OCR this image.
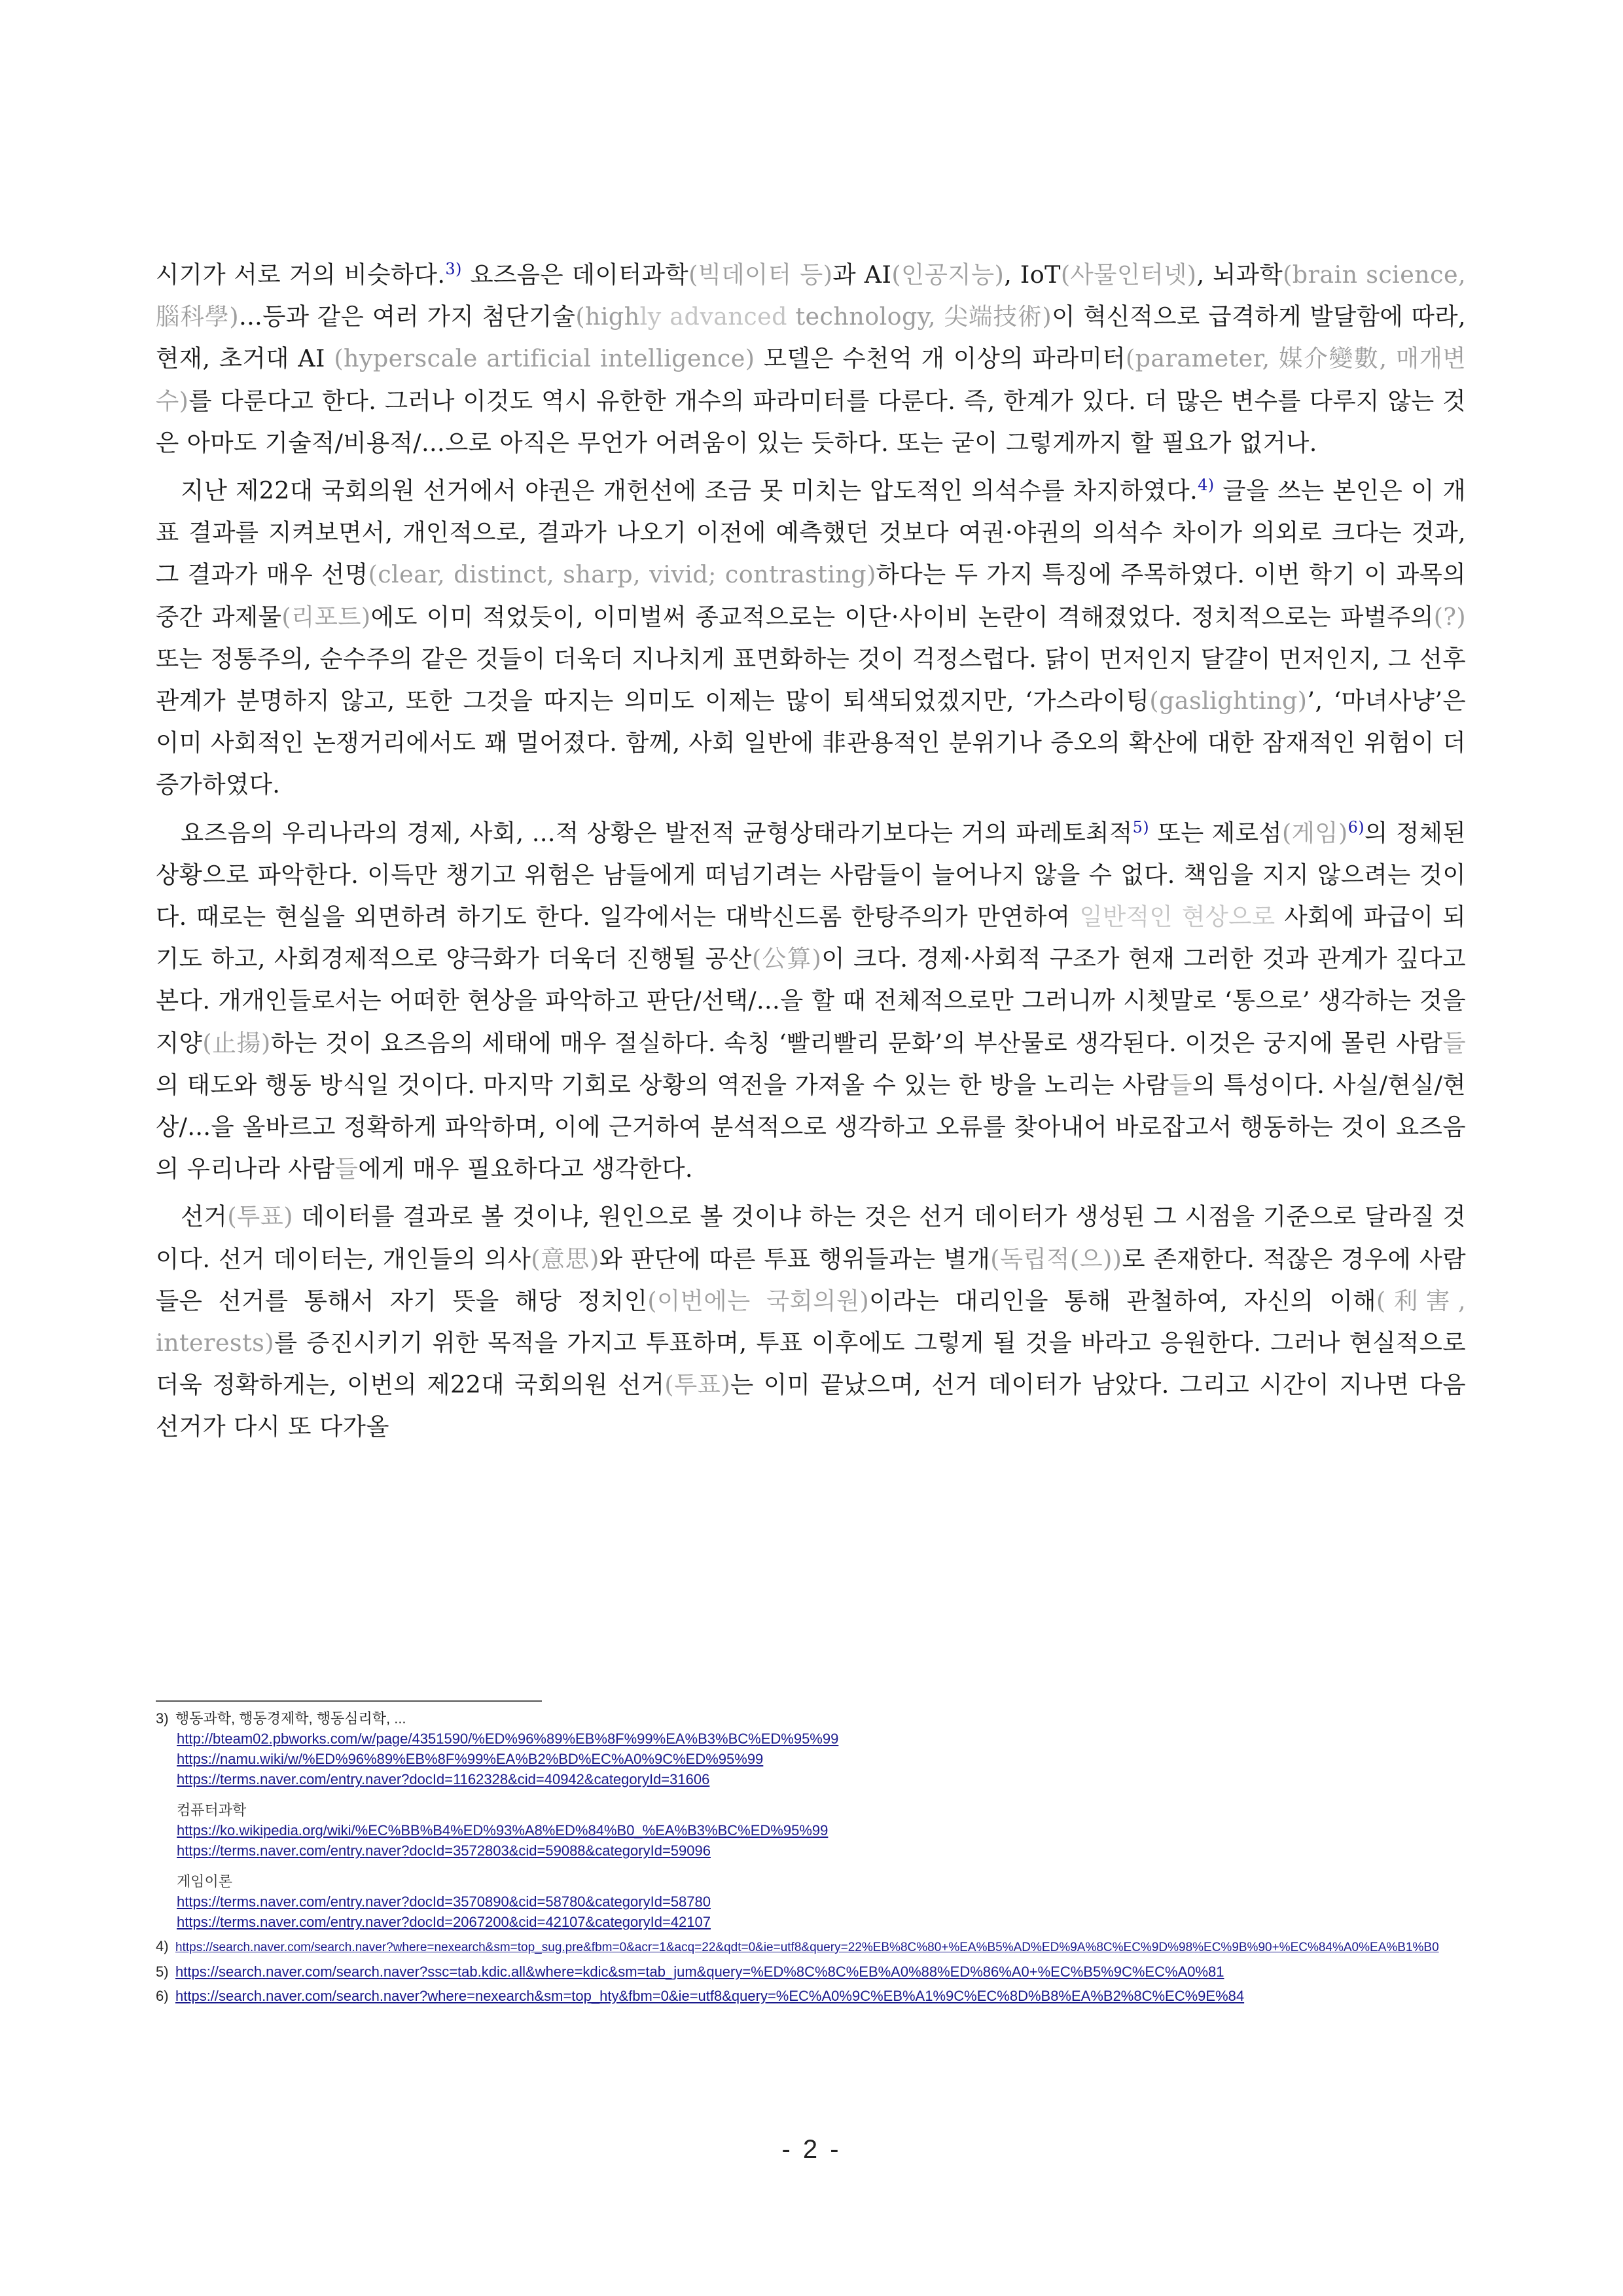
시기가 서로 거의 비슷하다.$^{3)}$ 요즈음은 데이터과학(빅데이터 등)과 AI(인공지능), IoT(사물인터넷), 뇌과학(brain science, 腦科學)...등과 같은 여러 가지 첨단기술(highly advanced technology, 尖端技術)이 혁신적으로 급격하게 발달함에 따라, 현재, 초거대 AI (hyperscale artificial intelligence) 모델은 수천억 개 이상의 파라미터(parameter, 媒介變數, 매개변수)를 다룬다고 한다. 그러나 이것도 역시 유한한 개수의 파라미터를 다룬다. 즉, 한계가 있다. 더 많은 변수를 다루지 않는 것은 아마도 기술적/비용적/...으로 아직은 무언가 어려움이 있는 듯하다. 또는 굳이 그렇게까지 할 필요가 없거나.

지난 제22대 국회의원 선거에서 야권은 개헌선에 조금 못 미치는 압도적인 의석수를 차지하였다.$^{4)}$ 글을 쓰는 본인은 이 개표 결과를 지켜보면서, 개인적으로, 결과가 나오기 이전에 예측했던 것보다 여권·야권의 의석수 차이가 의외로 크다는 것과, 그 결과가 매우 선명(clear, distinct, sharp, vivid; contrasting)하다는 두 가지 특징에 주목하였다. 이번 학기 이 과목의 중간 과제물(리포트)에도 이미 적었듯이, 이미벌써 종교적으로는 이단·사이비 논란이 격해졌었다. 정치적으로는 파벌주의(?) 또는 정통주의, 순수주의 같은 것들이 더욱더 지나치게 표면화하는 것이 걱정스럽다. 닭이 먼저인지 달걀이 먼저인지, 그 선후관계가 분명하지 않고, 또한 그것을 따지는 의미도 이제는 많이 퇴색되었겠지만, ‘가스라이팅(gaslighting)’, ‘마녀사냥’은 이미 사회적인 논쟁거리에서도 꽤 멀어졌다. 함께, 사회 일반에 非관용적인 분위기나 증오의 확산에 대한 잠재적인 위험이 더 증가하였다.

요즈음의 우리나라의 경제, 사회, ...적 상황은 발전적 균형상태라기보다는 거의 파레토최적$^{5)}$ 또는 제로섬(게임)$^{6)}$의 정체된 상황으로 파악한다. 이득만 챙기고 위험은 남들에게 떠넘기려는 사람들이 늘어나지 않을 수 없다. 책임을 지지 않으려는 것이다. 때로는 현실을 외면하려 하기도 한다. 일각에서는 대박신드롬 한탕주의가 만연하여 일반적인 현상으로 사회에 파급이 되기도 하고, 사회경제적으로 양극화가 더욱더 진행될 공산(公算)이 크다. 경제·사회적 구조가 현재 그러한 것과 관계가 깊다고 본다. 개개인들로서는 어떠한 현상을 파악하고 판단/선택/...을 할 때 전체적으로만 그러니까 시쳇말로 ‘통으로’ 생각하는 것을 지양(止揚)하는 것이 요즈음의 세태에 매우 절실하다. 속칭 ‘빨리빨리 문화’의 부산물로 생각된다. 이것은 궁지에 몰린 사람들의 태도와 행동 방식일 것이다. 마지막 기회로 상황의 역전을 가져올 수 있는 한 방을 노리는 사람들의 특성이다. 사실/현실/현상/...을 올바르고 정확하게 파악하며, 이에 근거하여 분석적으로 생각하고 오류를 찾아내어 바로잡고서 행동하는 것이 요즈음의 우리나라 사람들에게 매우 필요하다고 생각한다.

선거(투표) 데이터를 결과로 볼 것이냐, 원인으로 볼 것이냐 하는 것은 선거 데이터가 생성된 그 시점을 기준으로 달라질 것이다. 선거 데이터는, 개인들의 의사(意思)와 판단에 따른 투표 행위들과는 별개(독립적(으))로 존재한다. 적잖은 경우에 사람들은 선거를 통해서 자기 뜻을 해당 정치인(이번에는 국회의원)이라는 대리인을 통해 관철하여, 자신의 이해(利害, interests)를 증진시키기 위한 목적을 가지고 투표하며, 투표 이후에도 그렇게 될 것을 바라고 응원한다. 그러나 현실적으로 더욱 정확하게는, 이번의 제22대 국회의원 선거(투표)는 이미 끝났으며, 선거 데이터가 남았다. 그리고 시간이 지나면 다음 선거가 다시 또 다가올

3) 행동과학, 행동경제학, 행동심리학, ...
http://bteam02.pbworks.com/w/page/4351590/%ED%96%89%EB%8F%99%EA%B3%BC%ED%95%99
https://namu.wiki/w/%ED%96%89%EB%8F%99%EA%B2%BD%EC%A0%9C%ED%95%99
https://terms.naver.com/entry.naver?docId=1162328&cid=40942&categoryId=31606
컴퓨터과학
https://ko.wikipedia.org/wiki/%EC%BB%B4%ED%93%A8%ED%84%B0_%EA%B3%BC%ED%95%99
https://terms.naver.com/entry.naver?docId=3572803&cid=59088&categoryId=59096
게임이론
https://terms.naver.com/entry.naver?docId=3570890&cid=58780&categoryId=58780
https://terms.naver.com/entry.naver?docId=2067200&cid=42107&categoryId=42107
4) https://search.naver.com/search.naver?where=nexearch&sm=top_sug.pre&fbm=0&acr=1&acq=22&qdt=0&ie=utf8&query=22%EB%8C%80+%EA%B5%AD%ED%9A%8C%EC%9D%98%EC%9B%90+%EC%84%A0%EA%B1%B0
5) https://search.naver.com/search.naver?ssc=tab.kdic.all&where=kdic&sm=tab_jum&query=%ED%8C%8C%EB%A0%88%ED%86%A0+%EC%B5%9C%EC%A0%81
6) https://search.naver.com/search.naver?where=nexearch&sm=top_hty&fbm=0&ie=utf8&query=%EC%A0%9C%EB%A1%9C%EC%8D%B8%EA%B2%8C%EC%9E%84
- 2 -
